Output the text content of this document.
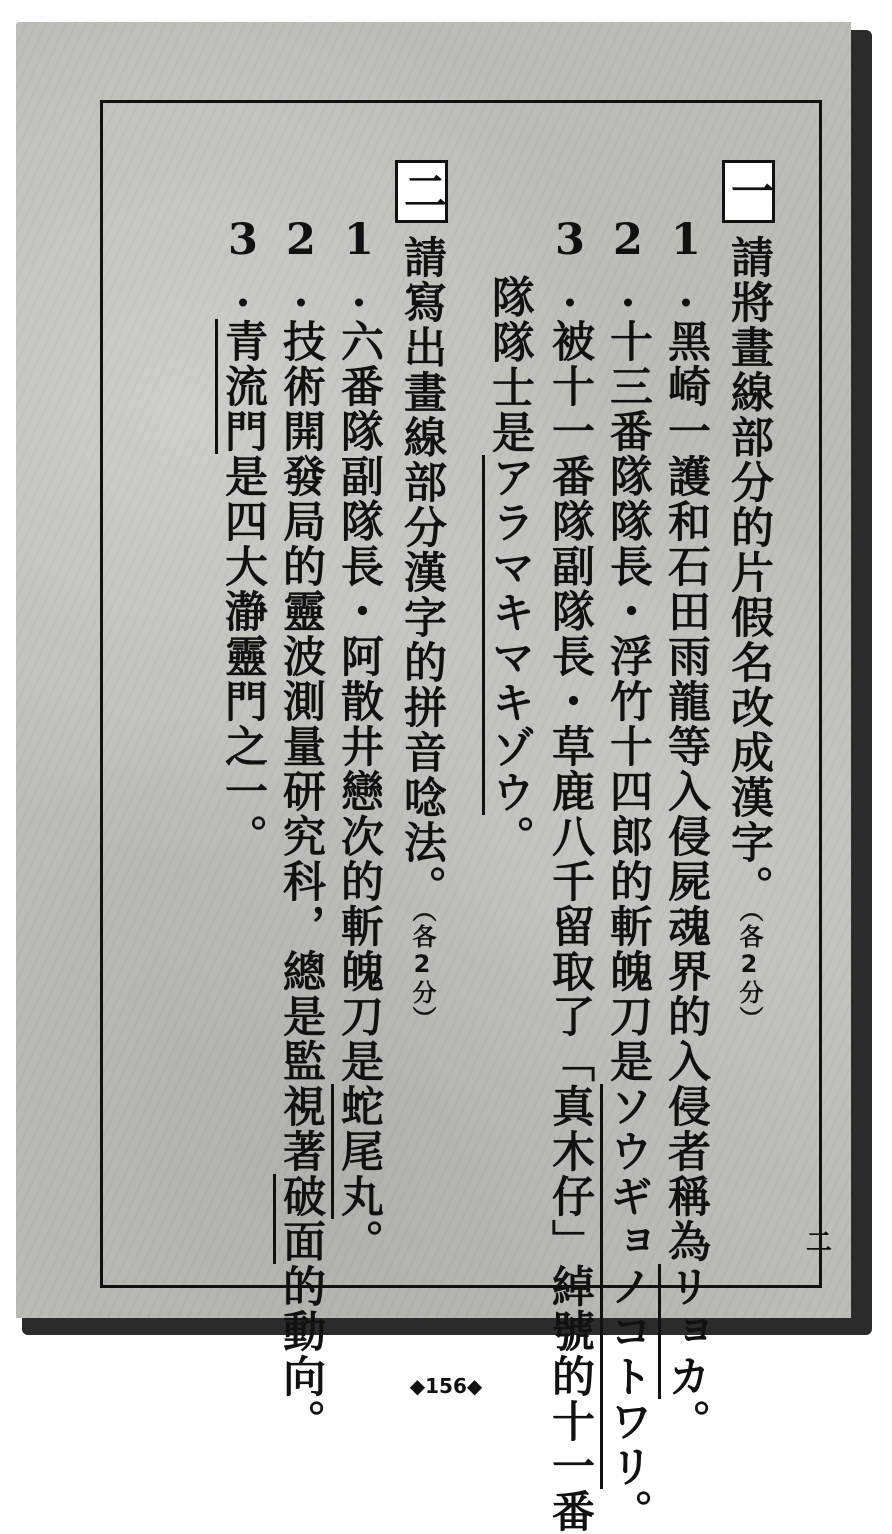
一請將畫線部分的片假名改成漢字。（各2分）
1.黑崎一護和石田雨龍等入侵屍魂界的入侵者稱為リョカ。
2.十三番隊隊長・浮竹十四郎的斬魄刀是ソウギョノコトワリ。
3.被十一番隊副隊長・草鹿八千留取了「真木仔」綽號的十一番
隊隊士是アラマキマキゾウ。
二請寫出畫線部分漢字的拼音唸法。（各2分）
1.六番隊副隊長・阿散井戀次的斬魄刀是蛇尾丸。
2.技術開發局的靈波測量研究科，總是監視著破面的動向。
3.青流門是四大瀞靈門之一。
二
◆156◆
